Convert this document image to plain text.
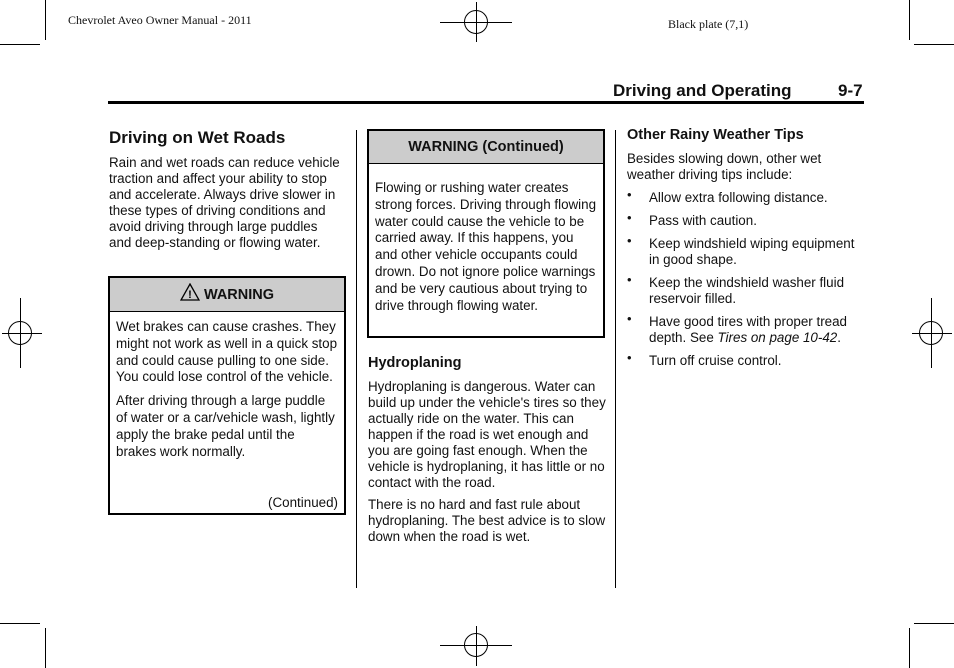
Chevrolet Aveo Owner Manual - 2011	Black plate (7,1)
Driving and Operating	9-7
Driving on Wet Roads

Rain and wet roads can reduce vehicle traction and affect your ability to stop and accelerate. Always drive slower in these types of driving conditions and avoid driving through large puddles and deep-standing or flowing water.

! WARNING

Wet brakes can cause crashes. They might not work as well in a quick stop and could cause pulling to one side. You could lose control of the vehicle.

After driving through a large puddle of water or a car/vehicle wash, lightly apply the brake pedal until the brakes work normally.

(Continued)
WARNING (Continued)

Flowing or rushing water creates strong forces. Driving through flowing water could cause the vehicle to be carried away. If this happens, you and other vehicle occupants could drown. Do not ignore police warnings and be very cautious about trying to drive through flowing water.

Hydroplaning

Hydroplaning is dangerous. Water can build up under the vehicle's tires so they actually ride on the water. This can happen if the road is wet enough and you are going fast enough. When the vehicle is hydroplaning, it has little or no contact with the road.

There is no hard and fast rule about hydroplaning. The best advice is to slow down when the road is wet.

Other Rainy Weather Tips

Besides slowing down, other wet weather driving tips include:

• Allow extra following distance.
• Pass with caution.
• Keep windshield wiping equipment in good shape.
• Keep the windshield washer fluid reservoir filled.
• Have good tires with proper tread depth. See Tires on page 10-42.
• Turn off cruise control.
